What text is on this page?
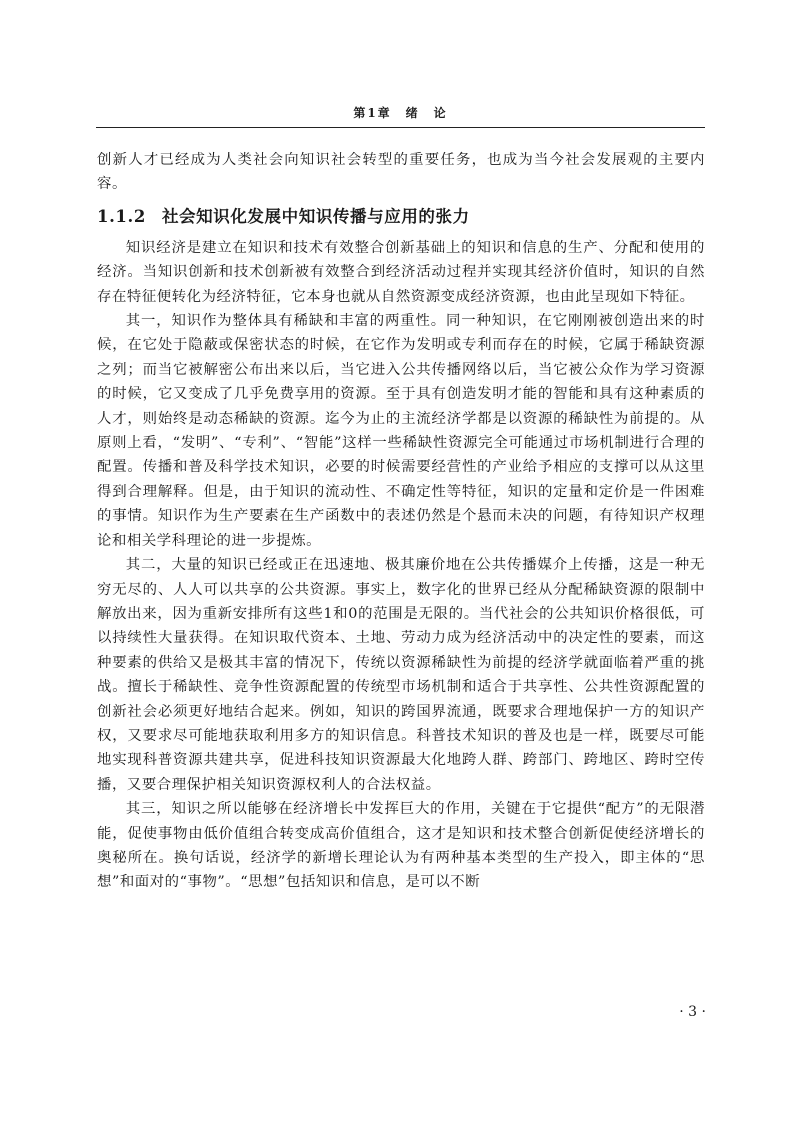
第1章　绪　论

创新人才已经成为人类社会向知识社会转型的重要任务，也成为当今社会发展观的主要内容。

1.1.2 社会知识化发展中知识传播与应用的张力

知识经济是建立在知识和技术有效整合创新基础上的知识和信息的生产、分配和使用的经济。当知识创新和技术创新被有效整合到经济活动过程并实现其经济价值时，知识的自然存在特征便转化为经济特征，它本身也就从自然资源变成经济资源，也由此呈现如下特征。

其一，知识作为整体具有稀缺和丰富的两重性。同一种知识，在它刚刚被创造出来的时候，在它处于隐蔽或保密状态的时候，在它作为发明或专利而存在的时候，它属于稀缺资源之列；而当它被解密公布出来以后，当它进入公共传播网络以后，当它被公众作为学习资源的时候，它又变成了几乎免费享用的资源。至于具有创造发明才能的智能和具有这种素质的人才，则始终是动态稀缺的资源。迄今为止的主流经济学都是以资源的稀缺性为前提的。从原则上看，“发明”、“专利”、“智能”这样一些稀缺性资源完全可能通过市场机制进行合理的配置。传播和普及科学技术知识，必要的时候需要经营性的产业给予相应的支撑可以从这里得到合理解释。但是，由于知识的流动性、不确定性等特征，知识的定量和定价是一件困难的事情。知识作为生产要素在生产函数中的表述仍然是个悬而未决的问题，有待知识产权理论和相关学科理论的进一步提炼。

其二，大量的知识已经或正在迅速地、极其廉价地在公共传播媒介上传播，这是一种无穷无尽的、人人可以共享的公共资源。事实上，数字化的世界已经从分配稀缺资源的限制中解放出来，因为重新安排所有这些1和0的范围是无限的。当代社会的公共知识价格很低，可以持续性大量获得。在知识取代资本、土地、劳动力成为经济活动中的决定性的要素，而这种要素的供给又是极其丰富的情况下，传统以资源稀缺性为前提的经济学就面临着严重的挑战。擅长于稀缺性、竞争性资源配置的传统型市场机制和适合于共享性、公共性资源配置的创新社会必须更好地结合起来。例如，知识的跨国界流通，既要求合理地保护一方的知识产权，又要求尽可能地获取利用多方的知识信息。科普技术知识的普及也是一样，既要尽可能地实现科普资源共建共享，促进科技知识资源最大化地跨人群、跨部门、跨地区、跨时空传播，又要合理保护相关知识资源权利人的合法权益。

其三，知识之所以能够在经济增长中发挥巨大的作用，关键在于它提供“配方”的无限潜能，促使事物由低价值组合转变成高价值组合，这才是知识和技术整合创新促使经济增长的奥秘所在。换句话说，经济学的新增长理论认为有两种基本类型的生产投入，即主体的“思想”和面对的“事物”。“思想”包括知识和信息，是可以不断

· 3 ·
